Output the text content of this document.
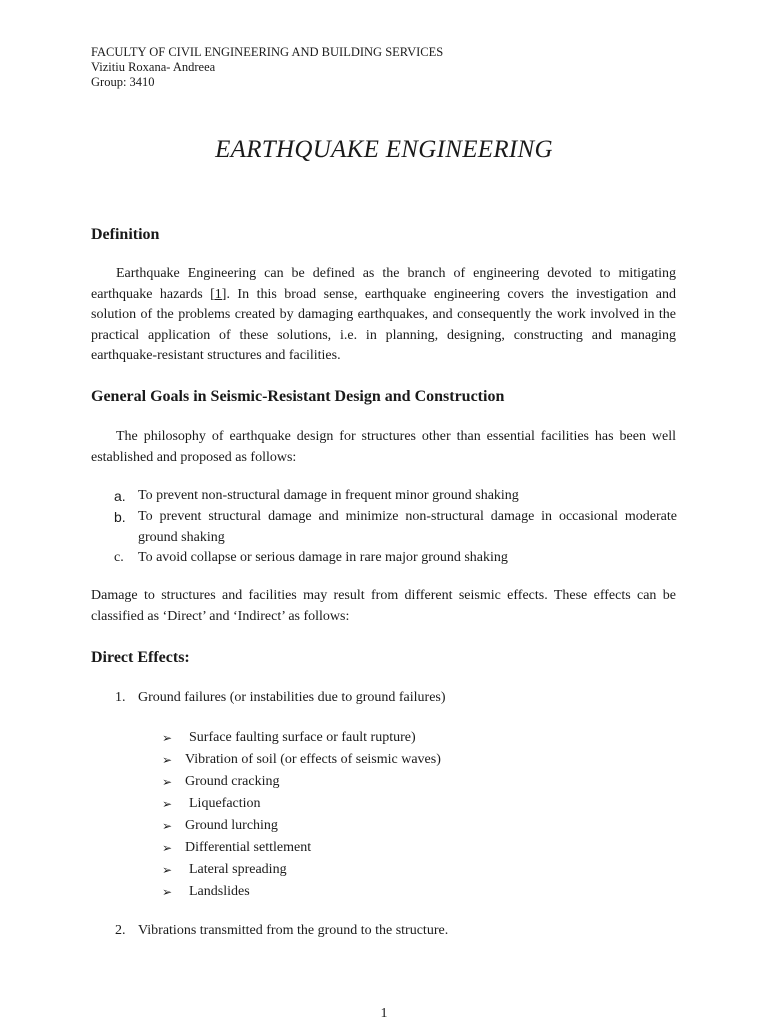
FACULTY OF CIVIL ENGINEERING AND BUILDING SERVICES
Vizitiu Roxana- Andreea
Group: 3410
EARTHQUAKE ENGINEERING
Definition
Earthquake Engineering can be defined as the branch of engineering devoted to mitigating earthquake hazards [1]. In this broad sense, earthquake engineering covers the investigation and solution of the problems created by damaging earthquakes, and consequently the work involved in the practical application of these solutions, i.e. in planning, designing, constructing and managing earthquake-resistant structures and facilities.
General Goals in Seismic-Resistant Design and Construction
The philosophy of earthquake design for structures other than essential facilities has been well established and proposed as follows:
a. To prevent non-structural damage in frequent minor ground shaking
b. To prevent structural damage and minimize non-structural damage in occasional moderate ground shaking
c. To avoid collapse or serious damage in rare major ground shaking
Damage to structures and facilities may result from different seismic effects. These effects can be classified as ‘Direct’ and ‘Indirect’ as follows:
Direct Effects:
1. Ground failures (or instabilities due to ground failures)
➢ Surface faulting surface or fault rupture)
➢ Vibration of soil (or effects of seismic waves)
➢ Ground cracking
➢ Liquefaction
➢ Ground lurching
➢ Differential settlement
➢ Lateral spreading
➢ Landslides
2. Vibrations transmitted from the ground to the structure.
1
